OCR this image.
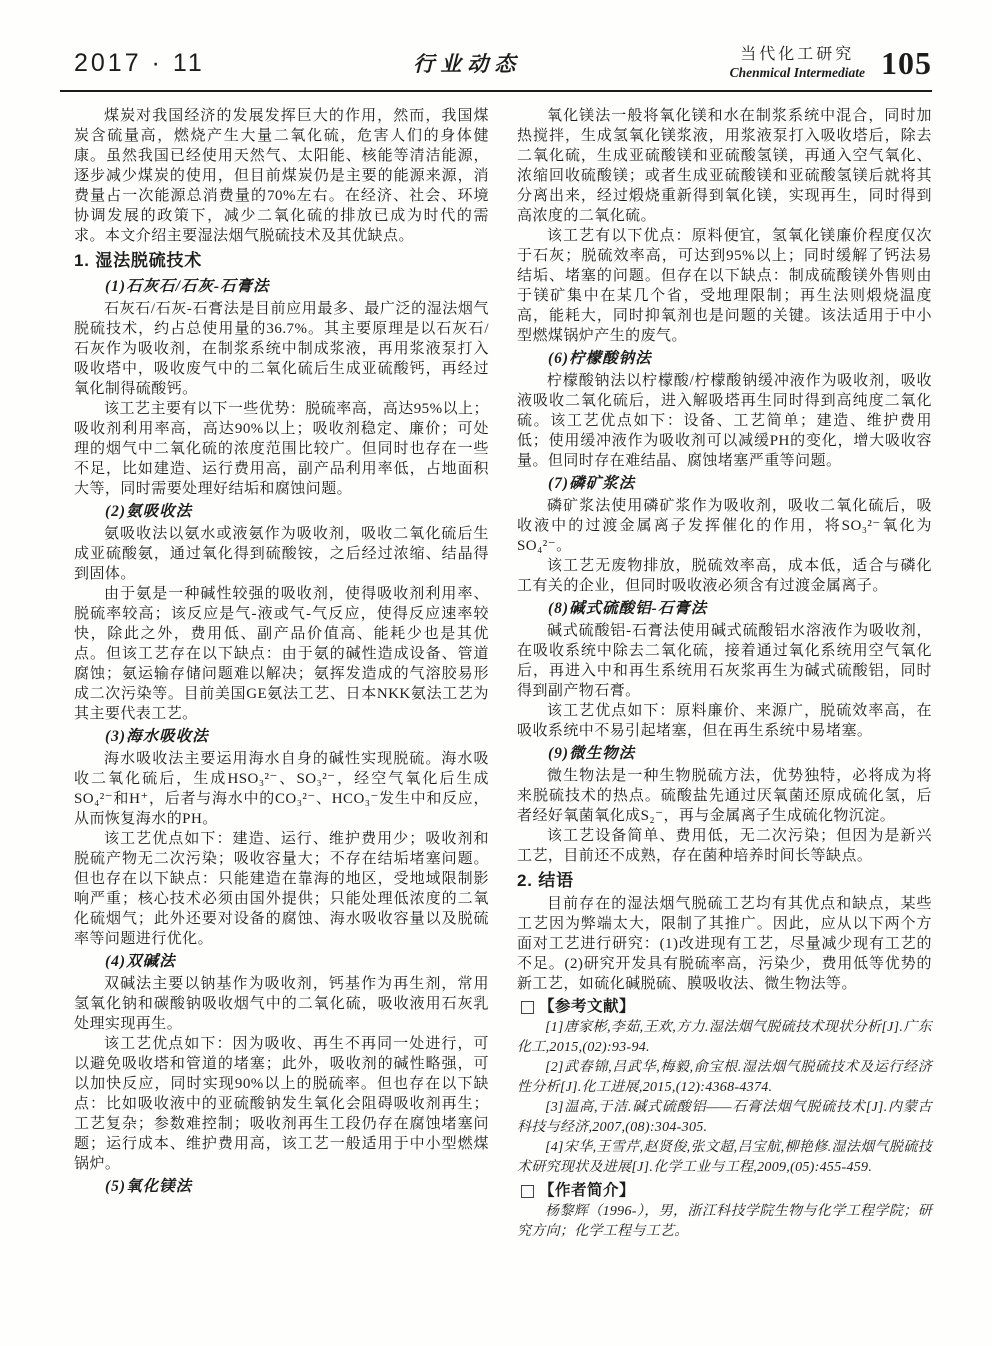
2017 · 11	行业动态	当代化工研究
Chenmical Intermediate 105

煤炭对我国经济的发展发挥巨大的作用，然而，我国煤炭含硫量高，燃烧产生大量二氧化硫，危害人们的身体健康。虽然我国已经使用天然气、太阳能、核能等清洁能源，逐步减少煤炭的使用，但目前煤炭仍是主要的能源来源，消费量占一次能源总消费量的70%左右。在经济、社会、环境协调发展的政策下，减少二氧化硫的排放已成为时代的需求。本文介绍主要湿法烟气脱硫技术及其优缺点。

1. 湿法脱硫技术

(1)石灰石/石灰-石膏法

石灰石/石灰-石膏法是目前应用最多、最广泛的湿法烟气脱硫技术，约占总使用量的36.7%。其主要原理是以石灰石/石灰作为吸收剂，在制浆系统中制成浆液，再用浆液泵打入吸收塔中，吸收废气中的二氧化硫后生成亚硫酸钙，再经过氧化制得硫酸钙。

该工艺主要有以下一些优势：脱硫率高，高达95%以上；吸收剂利用率高，高达90%以上；吸收剂稳定、廉价；可处理的烟气中二氧化硫的浓度范围比较广。但同时也存在一些不足，比如建造、运行费用高，副产品利用率低，占地面积大等，同时需要处理好结垢和腐蚀问题。

(2)氨吸收法

氨吸收法以氨水或液氨作为吸收剂，吸收二氧化硫后生成亚硫酸氨，通过氧化得到硫酸铵，之后经过浓缩、结晶得到固体。

由于氨是一种碱性较强的吸收剂，使得吸收剂利用率、脱硫率较高；该反应是气-液或气-气反应，使得反应速率较快，除此之外，费用低、副产品价值高、能耗少也是其优点。但该工艺存在以下缺点：由于氨的碱性造成设备、管道腐蚀；氨运输存储问题难以解决；氨挥发造成的气溶胶易形成二次污染等。目前美国GE氨法工艺、日本NKK氨法工艺为其主要代表工艺。

(3)海水吸收法

海水吸收法主要运用海水自身的碱性实现脱硫。海水吸收二氧化硫后，生成HSO₃²⁻、SO₃²⁻，经空气氧化后生成SO₄²⁻和H⁺，后者与海水中的CO₃²⁻、HCO₃⁻发生中和反应，从而恢复海水的PH。

该工艺优点如下：建造、运行、维护费用少；吸收剂和脱硫产物无二次污染；吸收容量大；不存在结垢堵塞问题。但也存在以下缺点：只能建造在靠海的地区，受地域限制影响严重；核心技术必须由国外提供；只能处理低浓度的二氧化硫烟气；此外还要对设备的腐蚀、海水吸收容量以及脱硫率等问题进行优化。

(4)双碱法

双碱法主要以钠基作为吸收剂，钙基作为再生剂，常用氢氧化钠和碳酸钠吸收烟气中的二氧化硫，吸收液用石灰乳处理实现再生。

该工艺优点如下：因为吸收、再生不再同一处进行，可以避免吸收塔和管道的堵塞；此外，吸收剂的碱性略强，可以加快反应，同时实现90%以上的脱硫率。但也存在以下缺点：比如吸收液中的亚硫酸钠发生氧化会阻碍吸收剂再生；工艺复杂；参数难控制；吸收剂再生工段仍存在腐蚀堵塞问题；运行成本、维护费用高，该工艺一般适用于中小型燃煤锅炉。

(5)氧化镁法

氧化镁法一般将氧化镁和水在制浆系统中混合，同时加热搅拌，生成氢氧化镁浆液，用浆液泵打入吸收塔后，除去二氧化硫，生成亚硫酸镁和亚硫酸氢镁，再通入空气氧化、浓缩回收硫酸镁；或者生成亚硫酸镁和亚硫酸氢镁后就将其分离出来，经过煅烧重新得到氧化镁，实现再生，同时得到高浓度的二氧化硫。

该工艺有以下优点：原料便宜，氢氧化镁廉价程度仅次于石灰；脱硫效率高，可达到95%以上；同时缓解了钙法易结垢、堵塞的问题。但存在以下缺点：制成硫酸镁外售则由于镁矿集中在某几个省，受地理限制；再生法则煅烧温度高，能耗大，同时抑氧剂也是问题的关键。该法适用于中小型燃煤锅炉产生的废气。

(6)柠檬酸钠法

柠檬酸钠法以柠檬酸/柠檬酸钠缓冲液作为吸收剂，吸收液吸收二氧化硫后，进入解吸塔再生同时得到高纯度二氧化硫。该工艺优点如下：设备、工艺简单；建造、维护费用低；使用缓冲液作为吸收剂可以减缓PH的变化，增大吸收容量。但同时存在难结晶、腐蚀堵塞严重等问题。

(7)磷矿浆法

磷矿浆法使用磷矿浆作为吸收剂，吸收二氧化硫后，吸收液中的过渡金属离子发挥催化的作用，将SO₃²⁻氧化为SO₄²⁻。

该工艺无废物排放，脱硫效率高，成本低，适合与磷化工有关的企业，但同时吸收液必须含有过渡金属离子。

(8)碱式硫酸铝-石膏法

碱式硫酸铝-石膏法使用碱式硫酸铝水溶液作为吸收剂，在吸收系统中除去二氧化硫，接着通过氧化系统用空气氧化后，再进入中和再生系统用石灰浆再生为碱式硫酸铝，同时得到副产物石膏。

该工艺优点如下：原料廉价、来源广，脱硫效率高，在吸收系统中不易引起堵塞，但在再生系统中易堵塞。

(9)微生物法

微生物法是一种生物脱硫方法，优势独特，必将成为将来脱硫技术的热点。硫酸盐先通过厌氧菌还原成硫化氢，后者经好氧菌氧化成S₂⁻，再与金属离子生成硫化物沉淀。

该工艺设备简单、费用低，无二次污染；但因为是新兴工艺，目前还不成熟，存在菌种培养时间长等缺点。

2. 结语

目前存在的湿法烟气脱硫工艺均有其优点和缺点，某些工艺因为弊端太大，限制了其推广。因此，应从以下两个方面对工艺进行研究：(1)改进现有工艺，尽量减少现有工艺的不足。(2)研究开发具有脱硫率高，污染少，费用低等优势的新工艺，如硫化碱脱硫、膜吸收法、微生物法等。

【参考文献】

[1]唐家彬,李茹,王欢,方力.湿法烟气脱硫技术现状分析[J].广东化工,2015,(02):93-94.

[2]武春锦,吕武华,梅毅,俞宝根.湿法烟气脱硫技术及运行经济性分析[J].化工进展,2015,(12):4368-4374.

[3]温高,于洁.碱式硫酸铝——石膏法烟气脱硫技术[J].内蒙古科技与经济,2007,(08):304-305.

[4]宋华,王雪芹,赵贤俊,张文超,吕宝航,柳艳修.湿法烟气脱硫技术研究现状及进展[J].化学工业与工程,2009,(05):455-459.

【作者简介】

杨黎辉（1996-），男，浙江科技学院生物与化学工程学院；研究方向；化学工程与工艺。
